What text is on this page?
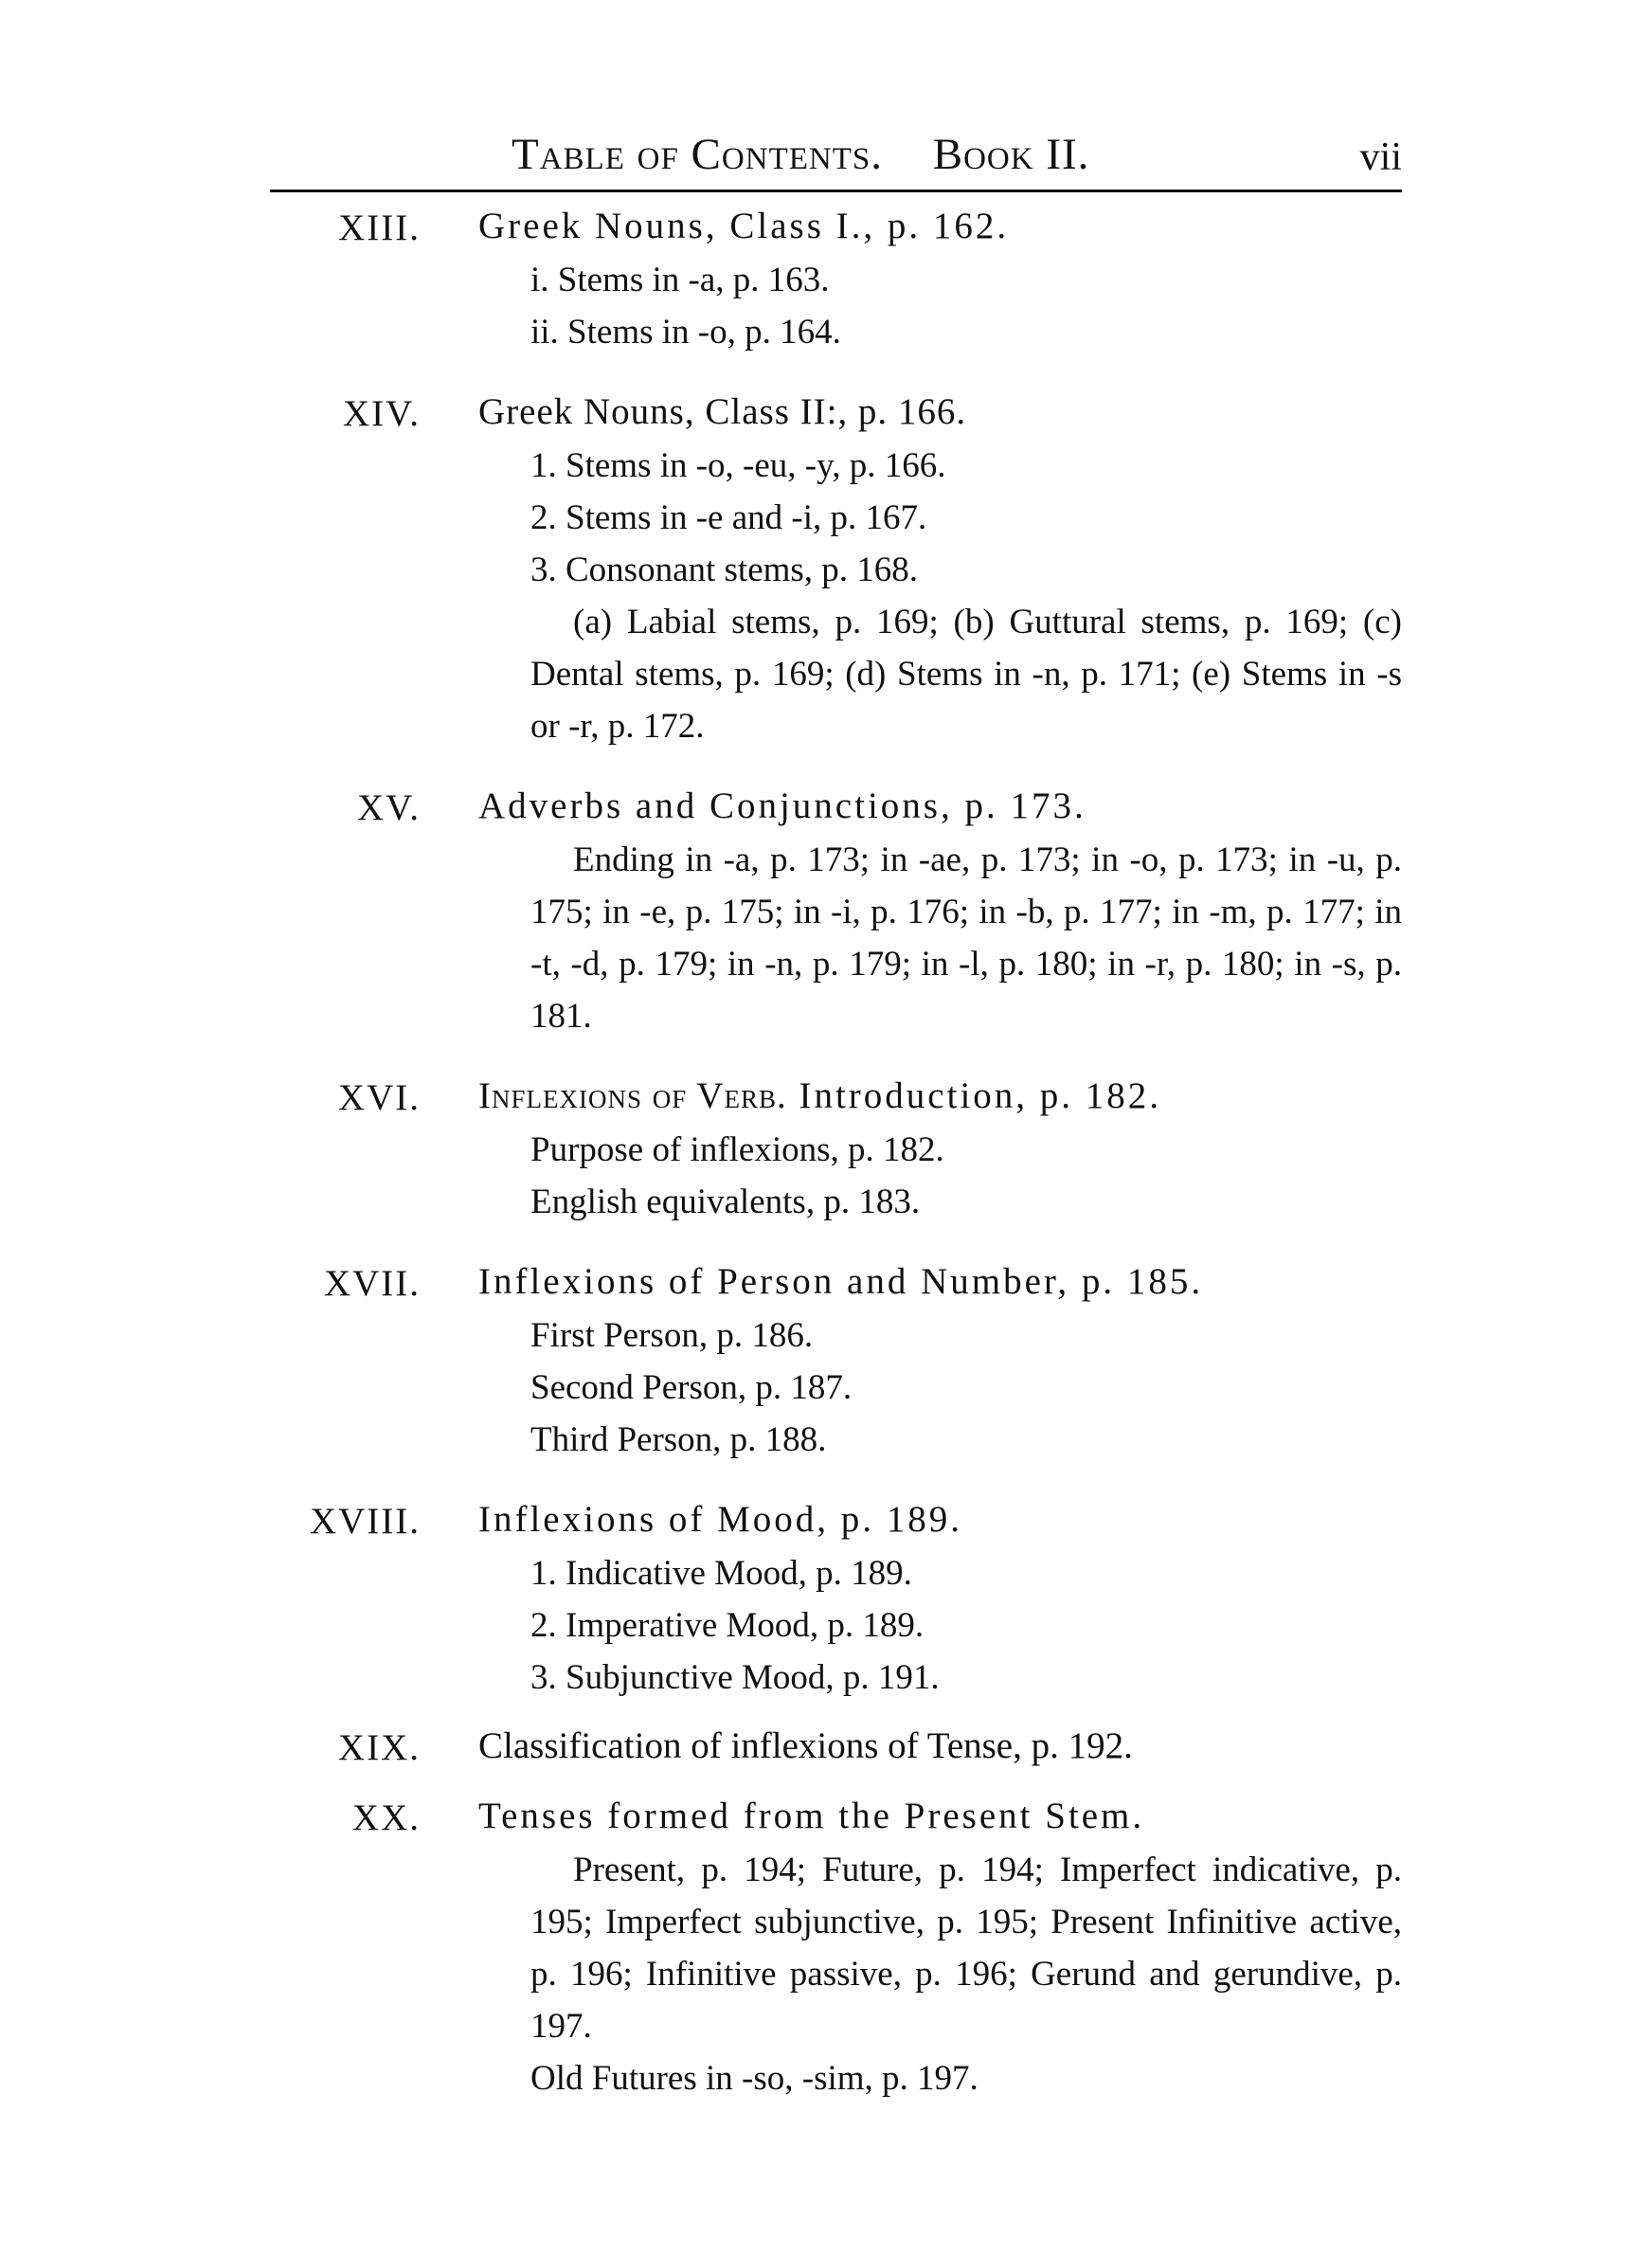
Table of Contents. Book II.	vii
XIII. Greek Nouns, Class I., p. 162.
i. Stems in -a, p. 163.
ii. Stems in -o, p. 164.
XIV. Greek Nouns, Class II:, p. 166.
1. Stems in -o, -eu, -y, p. 166.
2. Stems in -e and -i, p. 167.
3. Consonant stems, p. 168.
(a) Labial stems, p. 169; (b) Guttural stems, p. 169; (c) Dental stems, p. 169; (d) Stems in -n, p. 171; (e) Stems in -s or -r, p. 172.
XV. Adverbs and Conjunctions, p. 173.
Ending in -a, p. 173; in -ae, p. 173; in -o, p. 173; in -u, p. 175; in -e, p. 175; in -i, p. 176; in -b, p. 177; in -m, p. 177; in -t, -d, p. 179; in -n, p. 179; in -l, p. 180; in -r, p. 180; in -s, p. 181.
XVI. Inflexions of Verb. Introduction, p. 182.
Purpose of inflexions, p. 182.
English equivalents, p. 183.
XVII. Inflexions of Person and Number, p. 185.
First Person, p. 186.
Second Person, p. 187.
Third Person, p. 188.
XVIII. Inflexions of Mood, p. 189.
1. Indicative Mood, p. 189.
2. Imperative Mood, p. 189.
3. Subjunctive Mood, p. 191.
XIX. Classification of inflexions of Tense, p. 192.
XX. Tenses formed from the Present Stem.
Present, p. 194; Future, p. 194; Imperfect indicative, p. 195; Imperfect subjunctive, p. 195; Present Infinitive active, p. 196; Infinitive passive, p. 196; Gerund and gerundive, p. 197.
Old Futures in -so, -sim, p. 197.
